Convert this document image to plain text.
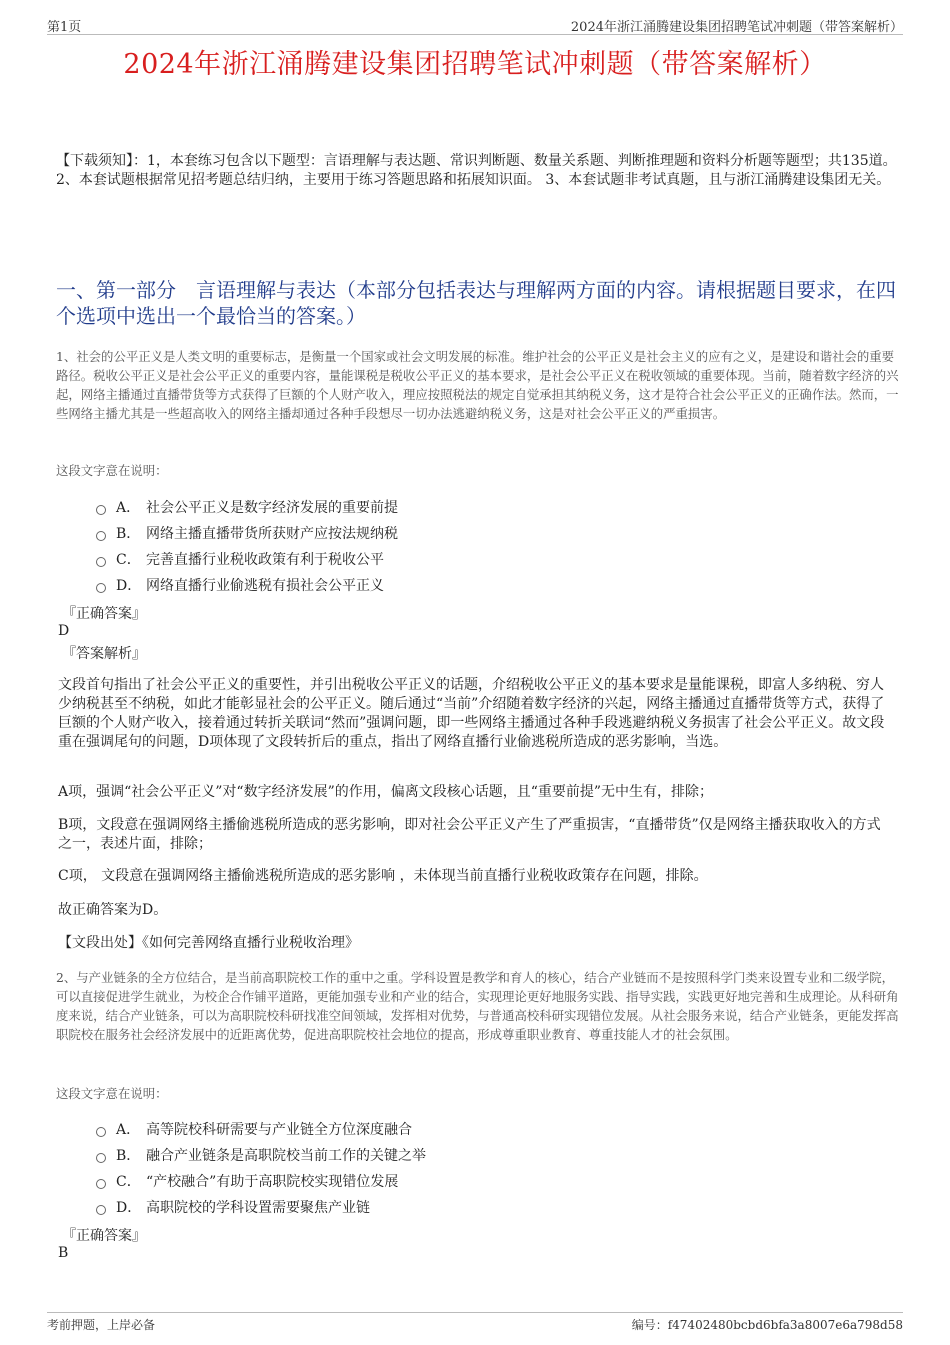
第1页	2024年浙江涌腾建设集团招聘笔试冲刺题（带答案解析）
2024年浙江涌腾建设集团招聘笔试冲刺题（带答案解析）
【下载须知】：1，本套练习包含以下题型：言语理解与表达题、常识判断题、数量关系题、判断推理题和资料分析题等题型；共135道。 2、本套试题根据常见招考题总结归纳，主要用于练习答题思路和拓展知识面。 3、本套试题非考试真题，且与浙江涌腾建设集团无关。
一、第一部分　言语理解与表达（本部分包括表达与理解两方面的内容。请根据题目要求，在四个选项中选出一个最恰当的答案。）
1、社会的公平正义是人类文明的重要标志，是衡量一个国家或社会文明发展的标准。维护社会的公平正义是社会主义的应有之义，是建设和谐社会的重要路径。税收公平正义是社会公平正义的重要内容，量能课税是税收公平正义的基本要求，是社会公平正义在税收领域的重要体现。当前，随着数字经济的兴起，网络主播通过直播带货等方式获得了巨额的个人财产收入，理应按照税法的规定自觉承担其纳税义务，这才是符合社会公平正义的正确作法。然而，一些网络主播尤其是一些超高收入的网络主播却通过各种手段想尽一切办法逃避纳税义务，这是对社会公平正义的严重损害。
这段文字意在说明：
A． 社会公平正义是数字经济发展的重要前提
B． 网络主播直播带货所获财产应按法规纳税
C． 完善直播行业税收政策有利于税收公平
D． 网络直播行业偷逃税有损社会公平正义
『正确答案』
D
『答案解析』
文段首句指出了社会公平正义的重要性，并引出税收公平正义的话题，介绍税收公平正义的基本要求是量能课税，即富人多纳税、穷人少纳税甚至不纳税，如此才能彰显社会的公平正义。随后通过“当前”介绍随着数字经济的兴起，网络主播通过直播带货等方式，获得了巨额的个人财产收入，接着通过转折关联词“然而”强调问题，即一些网络主播通过各种手段逃避纳税义务损害了社会公平正义。故文段重在强调尾句的问题，D项体现了文段转折后的重点，指出了网络直播行业偷逃税所造成的恶劣影响，当选。
A项，强调“社会公平正义”对“数字经济发展”的作用，偏离文段核心话题，且“重要前提”无中生有，排除；
B项，文段意在强调网络主播偷逃税所造成的恶劣影响，即对社会公平正义产生了严重损害，“直播带货”仅是网络主播获取收入的方式之一，表述片面，排除；
C项， 文段意在强调网络主播偷逃税所造成的恶劣影响 ，未体现当前直播行业税收政策存在问题，排除。
故正确答案为D。
【文段出处】《如何完善网络直播行业税收治理》
2、与产业链条的全方位结合，是当前高职院校工作的重中之重。学科设置是教学和育人的核心，结合产业链而不是按照科学门类来设置专业和二级学院，可以直接促进学生就业，为校企合作铺平道路，更能加强专业和产业的结合，实现理论更好地服务实践、指导实践，实践更好地完善和生成理论。从科研角度来说，结合产业链条，可以为高职院校科研找准空间领域，发挥相对优势，与普通高校科研实现错位发展。从社会服务来说，结合产业链条，更能发挥高职院校在服务社会经济发展中的近距离优势，促进高职院校社会地位的提高，形成尊重职业教育、尊重技能人才的社会氛围。
这段文字意在说明：
A． 高等院校科研需要与产业链全方位深度融合
B． 融合产业链条是高职院校当前工作的关键之举
C． “产校融合”有助于高职院校实现错位发展
D． 高职院校的学科设置需要聚焦产业链
『正确答案』
B
考前押题，上岸必备	编号：f47402480bcbd6bfa3a8007e6a798d58
